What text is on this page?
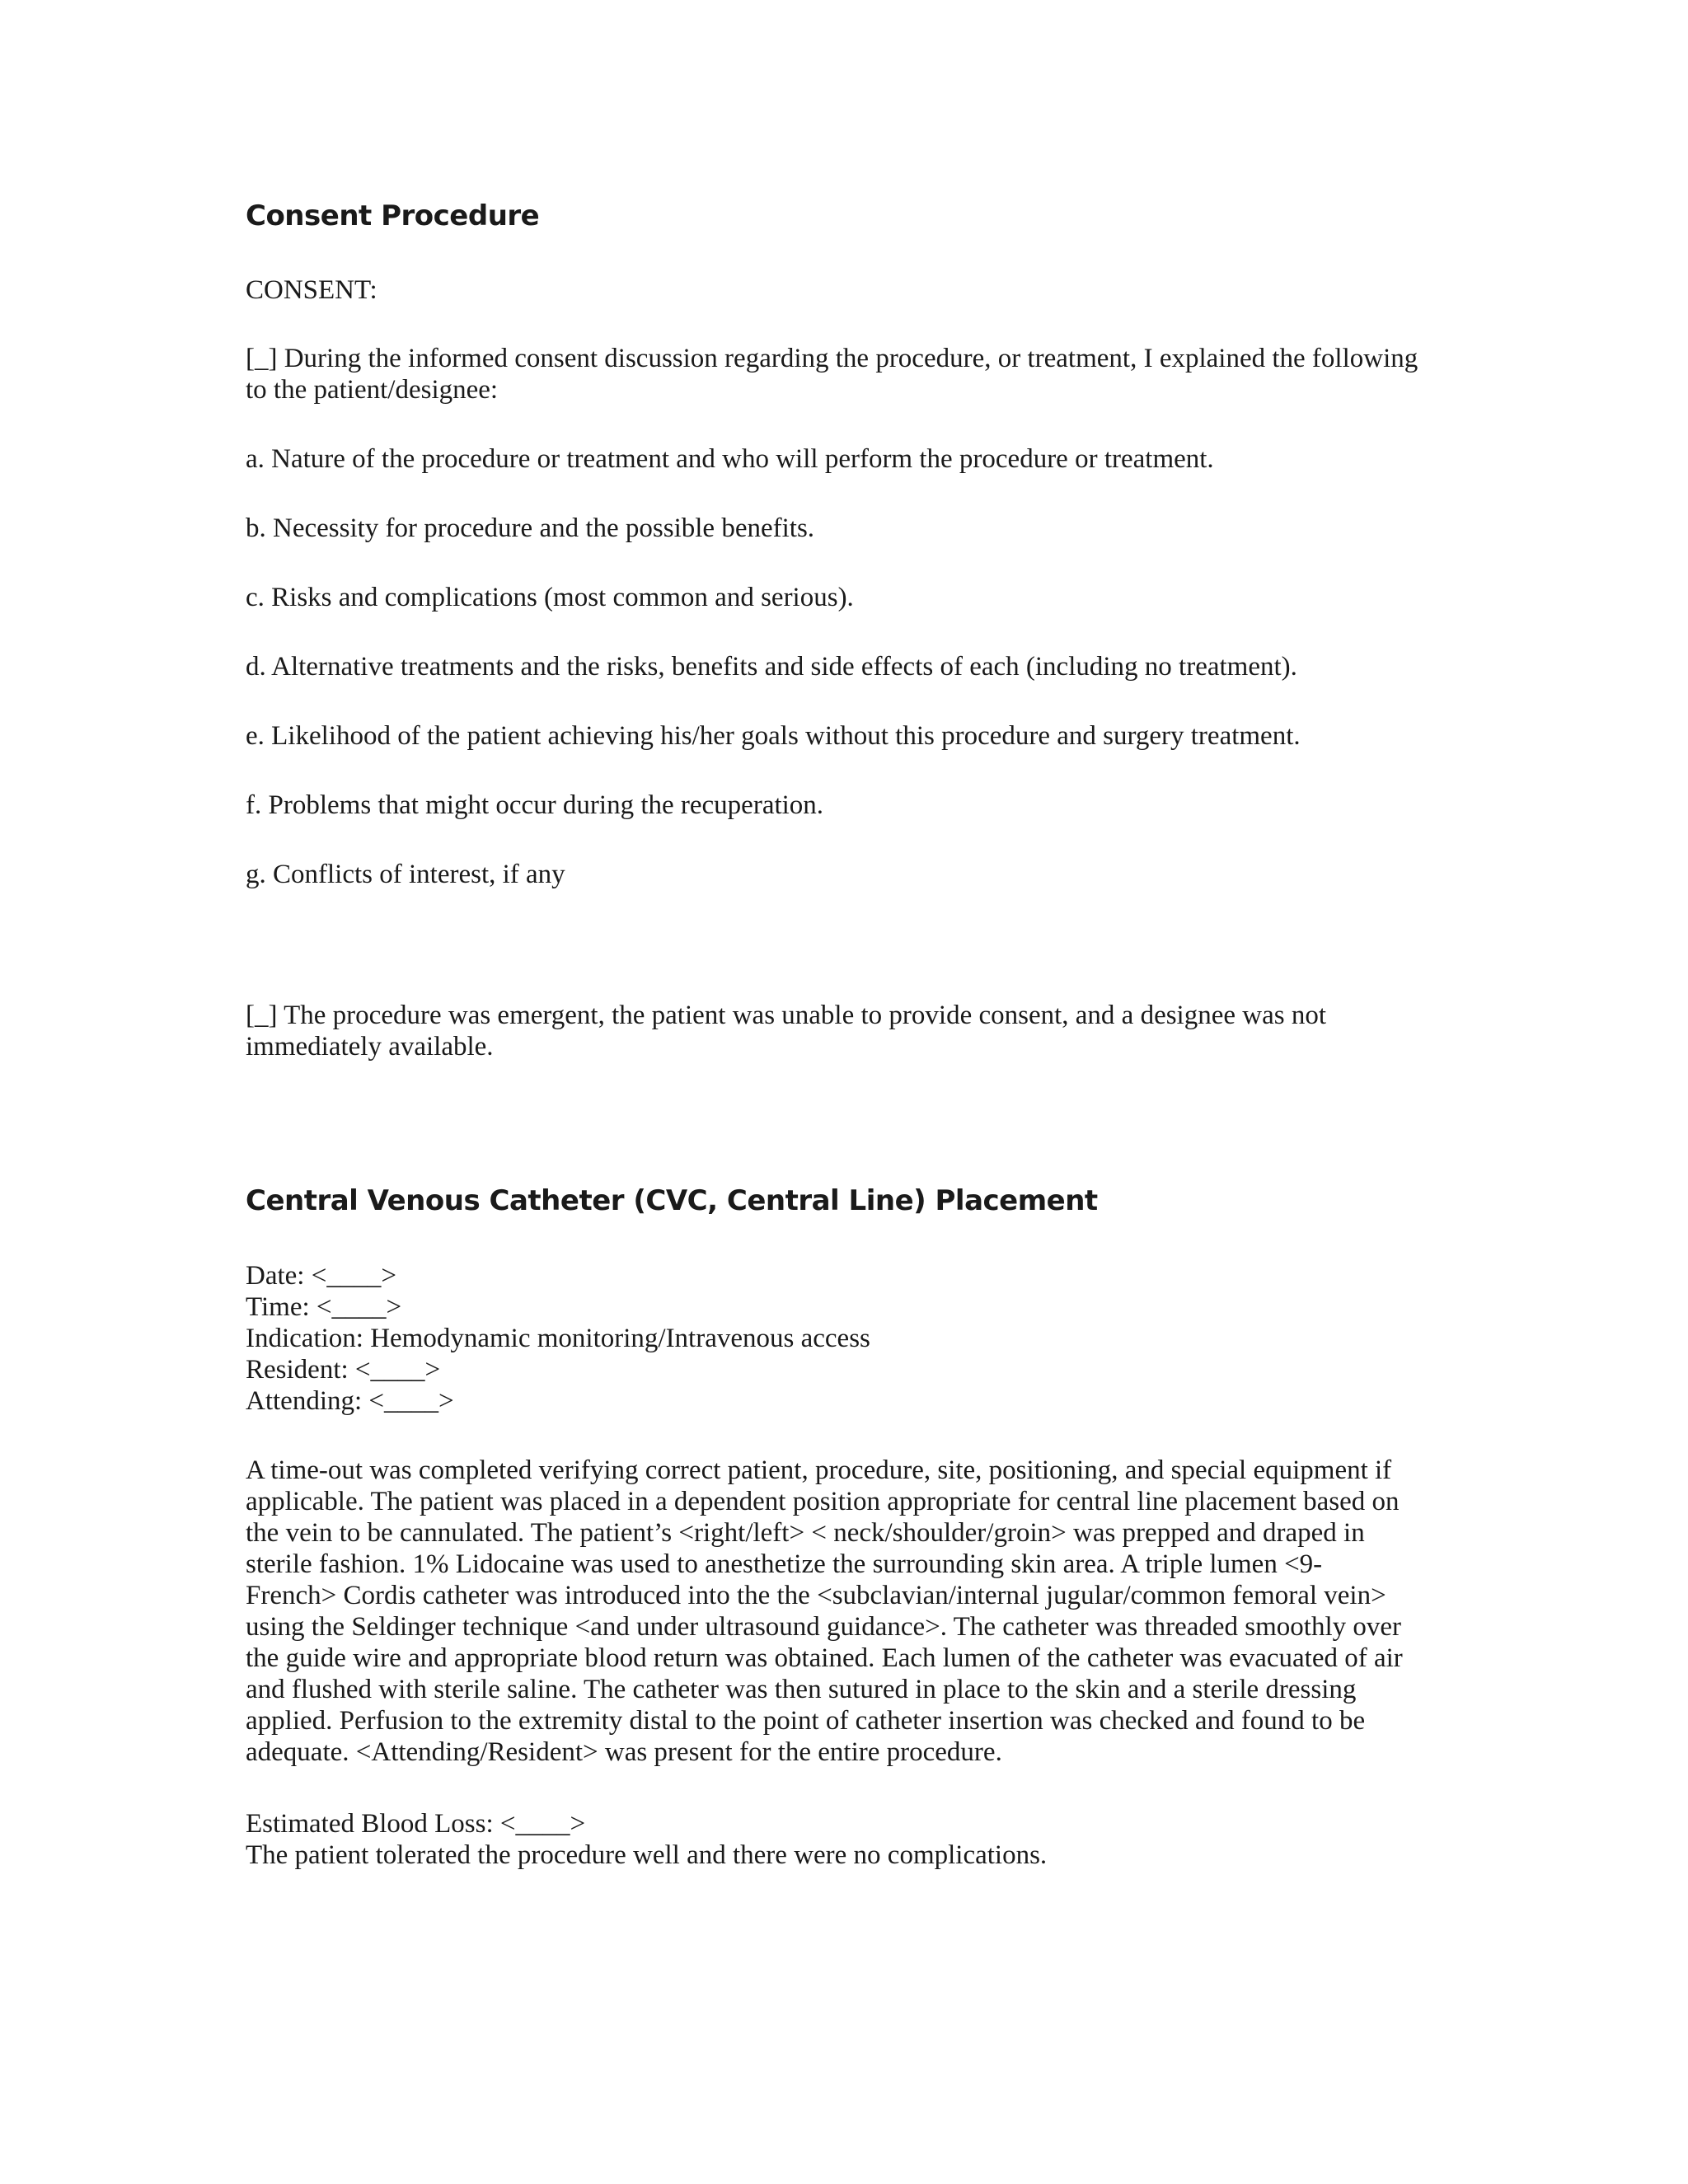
Consent Procedure

CONSENT:

[_] During the informed consent discussion regarding the procedure, or treatment, I explained the following
to the patient/designee:

a. Nature of the procedure or treatment and who will perform the procedure or treatment.

b. Necessity for procedure and the possible benefits.

c. Risks and complications (most common and serious).

d. Alternative treatments and the risks, benefits and side effects of each (including no treatment).

e. Likelihood of the patient achieving his/her goals without this procedure and surgery treatment.

f. Problems that might occur during the recuperation.

g. Conflicts of interest, if any

[_] The procedure was emergent, the patient was unable to provide consent, and a designee was not
immediately available.
Central Venous Catheter (CVC, Central Line) Placement
Date: <____>
Time: <____>
Indication: Hemodynamic monitoring/Intravenous access
Resident: <____>
Attending: <____>
A time-out was completed verifying correct patient, procedure, site, positioning, and special equipment if
applicable. The patient was placed in a dependent position appropriate for central line placement based on
the vein to be cannulated. The patient’s <right/left> < neck/shoulder/groin> was prepped and draped in
sterile fashion. 1% Lidocaine was used to anesthetize the surrounding skin area. A triple lumen <9-
French> Cordis catheter was introduced into the the <subclavian/internal jugular/common femoral vein>
using the Seldinger technique <and under ultrasound guidance>. The catheter was threaded smoothly over
the guide wire and appropriate blood return was obtained. Each lumen of the catheter was evacuated of air
and flushed with sterile saline. The catheter was then sutured in place to the skin and a sterile dressing
applied. Perfusion to the extremity distal to the point of catheter insertion was checked and found to be
adequate. <Attending/Resident> was present for the entire procedure.
Estimated Blood Loss: <____>
The patient tolerated the procedure well and there were no complications.
